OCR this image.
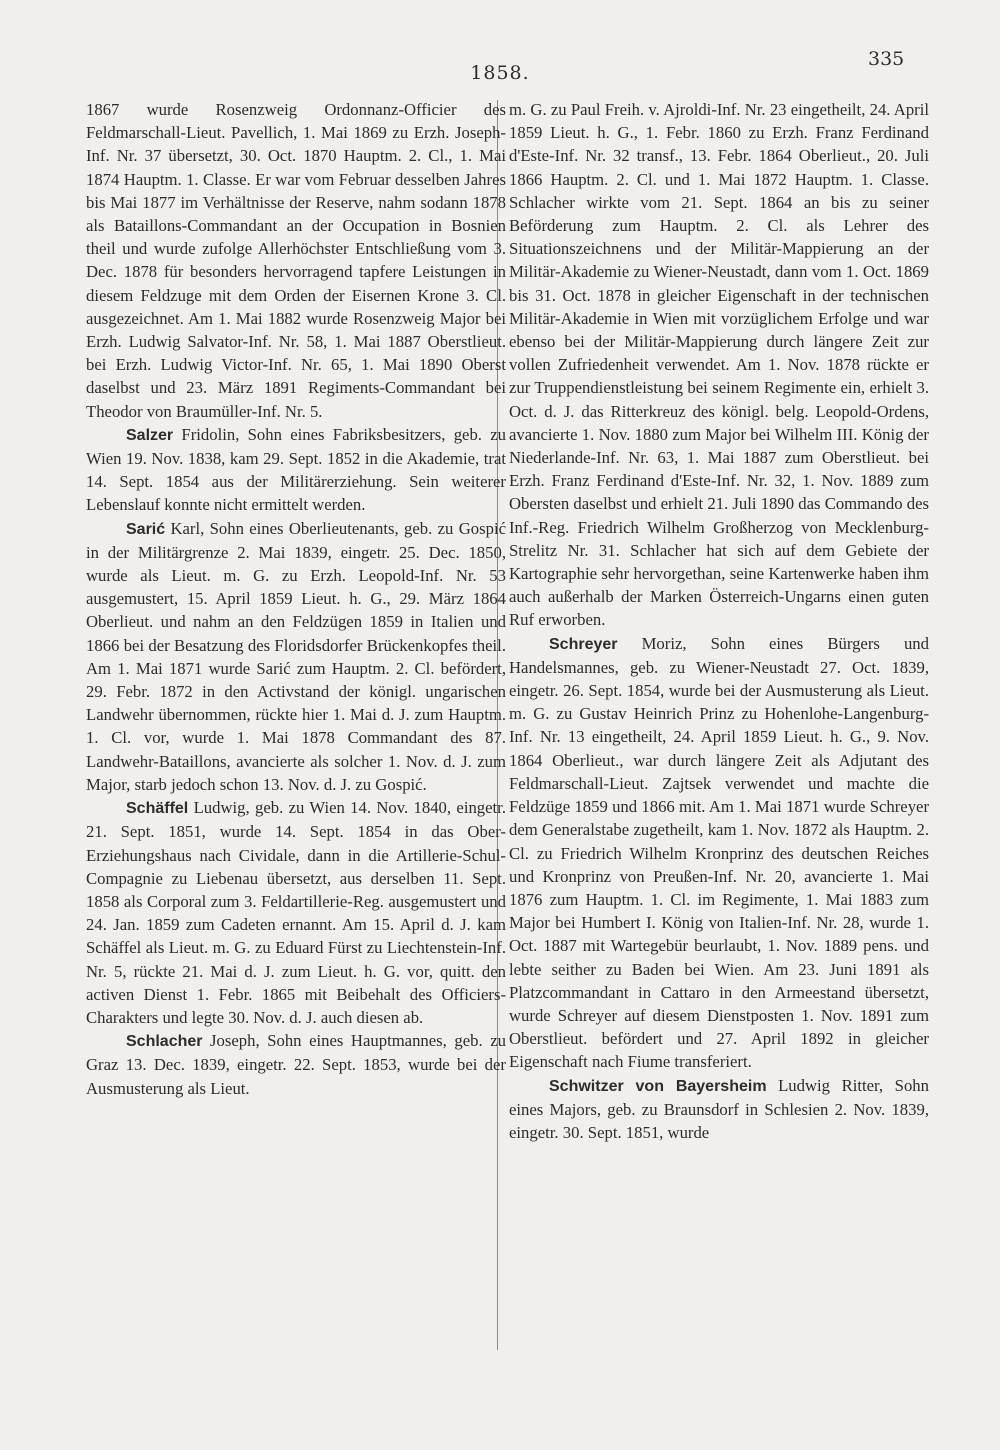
1858.
335

1867 wurde Rosenzweig Ordonnanz-Officier des Feldmarschall-Lieut. Pavellich, 1. Mai 1869 zu Erzh. Joseph-Inf. Nr. 37 übersetzt, 30. Oct. 1870 Hauptm. 2. Cl., 1. Mai 1874 Hauptm. 1. Classe. Er war vom Februar desselben Jahres bis Mai 1877 im Verhältnisse der Reserve, nahm sodann 1878 als Bataillons-Commandant an der Occupation in Bosnien theil und wurde zufolge Allerhöchster Entschließung vom 3. Dec. 1878 für besonders hervorragend tapfere Leistungen in diesem Feldzuge mit dem Orden der Eisernen Krone 3. Cl. ausgezeichnet. Am 1. Mai 1882 wurde Rosenzweig Major bei Erzh. Ludwig Salvator-Inf. Nr. 58, 1. Mai 1887 Oberstlieut. bei Erzh. Ludwig Victor-Inf. Nr. 65, 1. Mai 1890 Oberst daselbst und 23. März 1891 Regiments-Commandant bei Theodor von Braumüller-Inf. Nr. 5.

Salzer Fridolin, Sohn eines Fabriksbesitzers, geb. zu Wien 19. Nov. 1838, kam 29. Sept. 1852 in die Akademie, trat 14. Sept. 1854 aus der Militärerziehung. Sein weiterer Lebenslauf konnte nicht ermittelt werden.

Sarić Karl, Sohn eines Oberlieutenants, geb. zu Gospić in der Militärgrenze 2. Mai 1839, eingetr. 25. Dec. 1850, wurde als Lieut. m. G. zu Erzh. Leopold-Inf. Nr. 53 ausgemustert, 15. April 1859 Lieut. h. G., 29. März 1864 Oberlieut. und nahm an den Feldzügen 1859 in Italien und 1866 bei der Besatzung des Floridsdorfer Brückenkopfes theil. Am 1. Mai 1871 wurde Sarić zum Hauptm. 2. Cl. befördert, 29. Febr. 1872 in den Activstand der königl. ungarischen Landwehr übernommen, rückte hier 1. Mai d. J. zum Hauptm. 1. Cl. vor, wurde 1. Mai 1878 Commandant des 87. Landwehr-Bataillons, avancierte als solcher 1. Nov. d. J. zum Major, starb jedoch schon 13. Nov. d. J. zu Gospić.

Schäffel Ludwig, geb. zu Wien 14. Nov. 1840, eingetr. 21. Sept. 1851, wurde 14. Sept. 1854 in das Ober-Erziehungshaus nach Cividale, dann in die Artillerie-Schul-Compagnie zu Liebenau übersetzt, aus derselben 11. Sept. 1858 als Corporal zum 3. Feldartillerie-Reg. ausgemustert und 24. Jan. 1859 zum Cadeten ernannt. Am 15. April d. J. kam Schäffel als Lieut. m. G. zu Eduard Fürst zu Liechtenstein-Inf. Nr. 5, rückte 21. Mai d. J. zum Lieut. h. G. vor, quitt. den activen Dienst 1. Febr. 1865 mit Beibehalt des Officiers-Charakters und legte 30. Nov. d. J. auch diesen ab.

Schlacher Joseph, Sohn eines Hauptmannes, geb. zu Graz 13. Dec. 1839, eingetr. 22. Sept. 1853, wurde bei der Ausmusterung als Lieut.

m. G. zu Paul Freih. v. Ajroldi-Inf. Nr. 23 eingetheilt, 24. April 1859 Lieut. h. G., 1. Febr. 1860 zu Erzh. Franz Ferdinand d'Este-Inf. Nr. 32 transf., 13. Febr. 1864 Oberlieut., 20. Juli 1866 Hauptm. 2. Cl. und 1. Mai 1872 Hauptm. 1. Classe. Schlacher wirkte vom 21. Sept. 1864 an bis zu seiner Beförderung zum Hauptm. 2. Cl. als Lehrer des Situationszeichnens und der Militär-Mappierung an der Militär-Akademie zu Wiener-Neustadt, dann vom 1. Oct. 1869 bis 31. Oct. 1878 in gleicher Eigenschaft in der technischen Militär-Akademie in Wien mit vorzüglichem Erfolge und war ebenso bei der Militär-Mappierung durch längere Zeit zur vollen Zufriedenheit verwendet. Am 1. Nov. 1878 rückte er zur Truppendienstleistung bei seinem Regimente ein, erhielt 3. Oct. d. J. das Ritterkreuz des königl. belg. Leopold-Ordens, avancierte 1. Nov. 1880 zum Major bei Wilhelm III. König der Niederlande-Inf. Nr. 63, 1. Mai 1887 zum Oberstlieut. bei Erzh. Franz Ferdinand d'Este-Inf. Nr. 32, 1. Nov. 1889 zum Obersten daselbst und erhielt 21. Juli 1890 das Commando des Inf.-Reg. Friedrich Wilhelm Großherzog von Mecklenburg-Strelitz Nr. 31. Schlacher hat sich auf dem Gebiete der Kartographie sehr hervorgethan, seine Kartenwerke haben ihm auch außerhalb der Marken Österreich-Ungarns einen guten Ruf erworben.

Schreyer Moriz, Sohn eines Bürgers und Handelsmannes, geb. zu Wiener-Neustadt 27. Oct. 1839, eingetr. 26. Sept. 1854, wurde bei der Ausmusterung als Lieut. m. G. zu Gustav Heinrich Prinz zu Hohenlohe-Langenburg-Inf. Nr. 13 eingetheilt, 24. April 1859 Lieut. h. G., 9. Nov. 1864 Oberlieut., war durch längere Zeit als Adjutant des Feldmarschall-Lieut. Zajtsek verwendet und machte die Feldzüge 1859 und 1866 mit. Am 1. Mai 1871 wurde Schreyer dem Generalstabe zugetheilt, kam 1. Nov. 1872 als Hauptm. 2. Cl. zu Friedrich Wilhelm Kronprinz des deutschen Reiches und Kronprinz von Preußen-Inf. Nr. 20, avancierte 1. Mai 1876 zum Hauptm. 1. Cl. im Regimente, 1. Mai 1883 zum Major bei Humbert I. König von Italien-Inf. Nr. 28, wurde 1. Oct. 1887 mit Wartegebür beurlaubt, 1. Nov. 1889 pens. und lebte seither zu Baden bei Wien. Am 23. Juni 1891 als Platzcommandant in Cattaro in den Armeestand übersetzt, wurde Schreyer auf diesem Dienstposten 1. Nov. 1891 zum Oberstlieut. befördert und 27. April 1892 in gleicher Eigenschaft nach Fiume transferiert.

Schwitzer von Bayersheim Ludwig Ritter, Sohn eines Majors, geb. zu Braunsdorf in Schlesien 2. Nov. 1839, eingetr. 30. Sept. 1851, wurde
